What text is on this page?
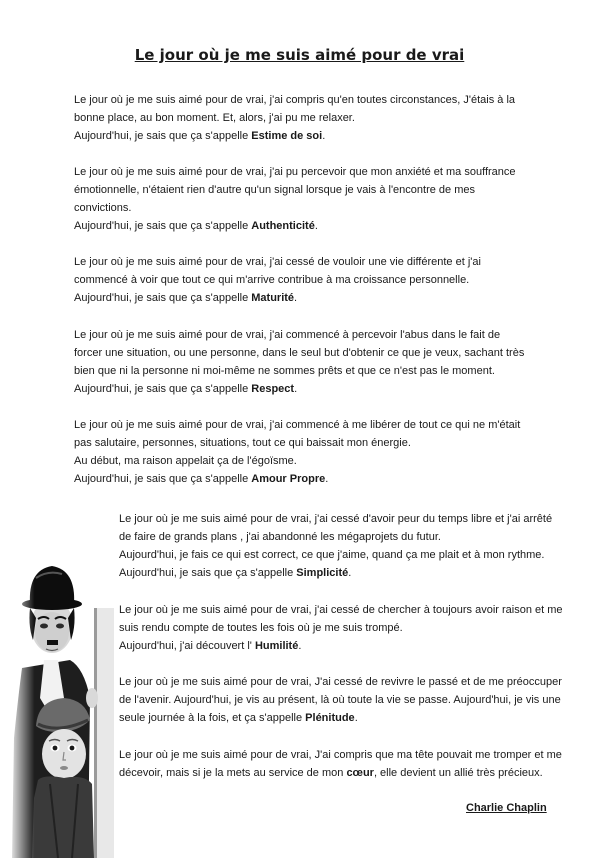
Le jour où je me suis aimé pour de vrai

Le jour où je me suis aimé pour de vrai, j'ai compris qu'en toutes circonstances, J'étais à la

bonne place, au bon moment. Et, alors, j'ai pu me relaxer.

Aujourd'hui, je sais que ça s'appelle Estime de soi.

Le jour où je me suis aimé pour de vrai, j'ai pu percevoir que mon anxiété et ma souffrance

émotionnelle, n'étaient rien d'autre qu'un signal lorsque je vais à l'encontre de mes

convictions.

Aujourd'hui, je sais que ça s'appelle Authenticité.

Le jour où je me suis aimé pour de vrai, j'ai cessé de vouloir une vie différente et j'ai

commencé à voir que tout ce qui m'arrive contribue à ma croissance personnelle.

Aujourd'hui, je sais que ça s'appelle Maturité.

Le jour où je me suis aimé pour de vrai, j'ai commencé à percevoir l'abus dans le fait de

forcer une situation, ou une personne, dans le seul but d'obtenir ce que je veux, sachant très

bien que ni la personne ni moi-même ne sommes prêts et que ce n'est pas le moment.

Aujourd'hui, je sais que ça s'appelle Respect.

Le jour où je me suis aimé pour de vrai, j'ai commencé à me libérer de tout ce qui ne m'était

pas salutaire, personnes, situations, tout ce qui baissait mon énergie.

Au début, ma raison appelait ça de l'égoïsme.

Aujourd'hui, je sais que ça s'appelle Amour Propre.

Le jour où je me suis aimé pour de vrai, j'ai cessé d'avoir peur du temps libre et j'ai arrêté

de faire de grands plans , j'ai abandonné les mégaprojets du futur.

Aujourd'hui, je fais ce qui est correct, ce que j'aime, quand ça me plait et à mon rythme.

Aujourd'hui, je sais que ça s'appelle Simplicité.

Le jour où je me suis aimé pour de vrai, j'ai cessé de chercher à toujours avoir raison et me

suis rendu compte de toutes les fois où je me suis trompé.

Aujourd'hui, j'ai découvert l' Humilité.

Le jour où je me suis aimé pour de vrai, J'ai cessé de revivre le passé et de me préoccuper

de l'avenir. Aujourd'hui, je vis au présent, là où toute la vie se passe. Aujourd'hui, je vis une

seule journée à la fois, et ça s'appelle Plénitude.

Le jour où je me suis aimé pour de vrai, J'ai compris que ma tête pouvait me tromper et me

décevoir, mais si je la mets au service de mon cœur, elle devient un allié très précieux.

Charlie Chaplin
